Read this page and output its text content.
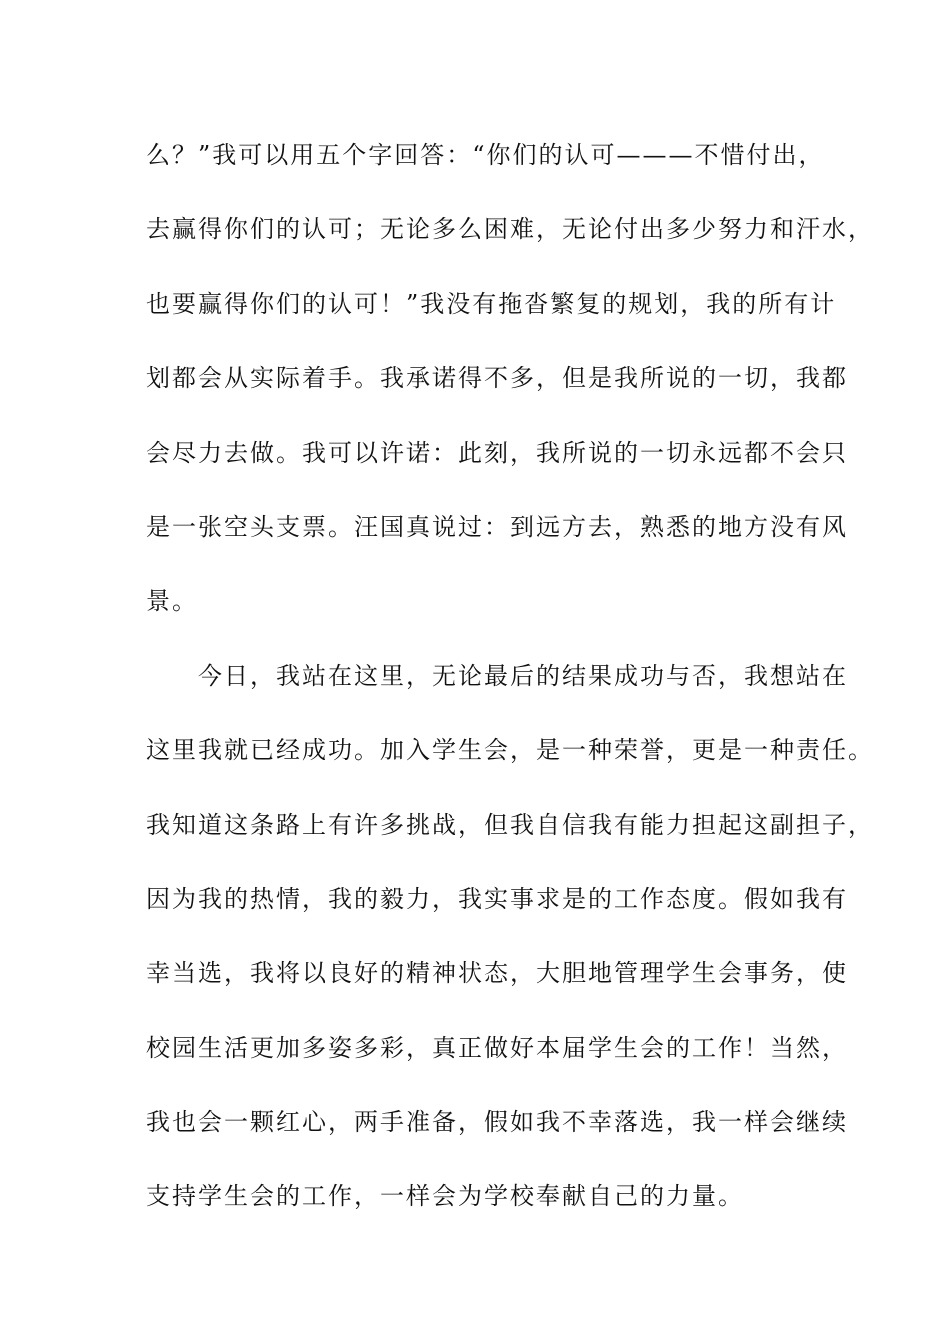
么？”我可以用五个字回答：“你们的认可———不惜付出，
去赢得你们的认可；无论多么困难，无论付出多少努力和汗水，
也要赢得你们的认可！”我没有拖沓繁复的规划，我的所有计
划都会从实际着手。我承诺得不多，但是我所说的一切，我都
会尽力去做。我可以许诺：此刻，我所说的一切永远都不会只
是一张空头支票。汪国真说过：到远方去，熟悉的地方没有风
景。
今日，我站在这里，无论最后的结果成功与否，我想站在
这里我就已经成功。加入学生会，是一种荣誉，更是一种责任。
我知道这条路上有许多挑战，但我自信我有能力担起这副担子，
因为我的热情，我的毅力，我实事求是的工作态度。假如我有
幸当选，我将以良好的精神状态，大胆地管理学生会事务，使
校园生活更加多姿多彩，真正做好本届学生会的工作！当然，
我也会一颗红心，两手准备，假如我不幸落选，我一样会继续
支持学生会的工作，一样会为学校奉献自己的力量。
